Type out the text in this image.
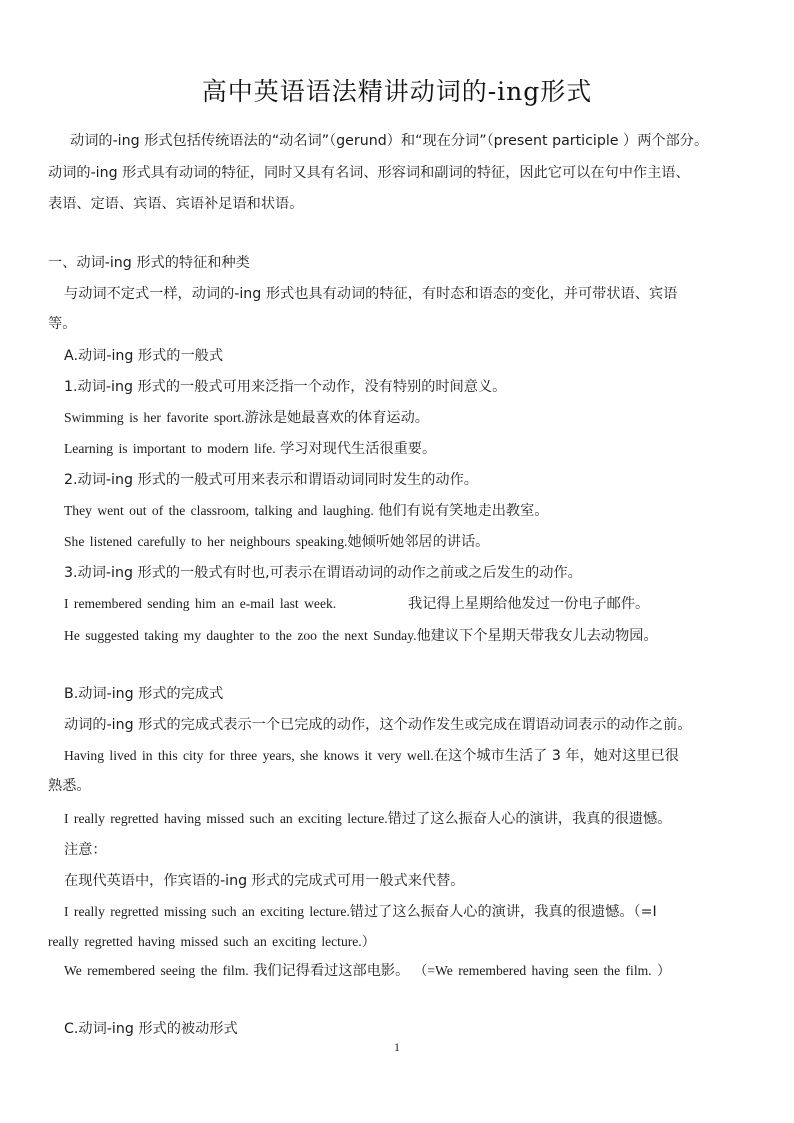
高中英语语法精讲动词的-ing形式
动词的-ing 形式包括传统语法的“动名词”（gerund）和“现在分词”（present participle ）两个部分。
动词的-ing 形式具有动词的特征，同时又具有名词、形容词和副词的特征，因此它可以在句中作主语、
表语、定语、宾语、宾语补足语和状语。
一、动词-ing 形式的特征和种类
与动词不定式一样，动词的-ing 形式也具有动词的特征，有时态和语态的变化，并可带状语、宾语
等。
A.动词-ing 形式的一般式
1.动词-ing 形式的一般式可用来泛指一个动作，没有特别的时间意义。
Swimming is her favorite sport.游泳是她最喜欢的体育运动。
Learning is important to modern life. 学习对现代生活很重要。
2.动词-ing 形式的一般式可用来表示和谓语动词同时发生的动作。
They went out of the classroom, talking and laughing. 他们有说有笑地走出教室。
She listened carefully to her neighbours speaking.她倾听她邻居的讲话。
3.动词-ing 形式的一般式有时也,可表示在谓语动词的动作之前或之后发生的动作。
I remembered sending him an e-mail last week.	我记得上星期给他发过一份电子邮件。
He suggested taking my daughter to the zoo the next Sunday.他建议下个星期天带我女儿去动物园。
B.动词-ing 形式的完成式
动词的-ing 形式的完成式表示一个已完成的动作，这个动作发生或完成在谓语动词表示的动作之前。
Having lived in this city for three years, she knows it very well.在这个城市生活了 3 年，她对这里已很
熟悉。
I really regretted having missed such an exciting lecture.错过了这么振奋人心的演讲，我真的很遗憾。
注意：
在现代英语中，作宾语的-ing 形式的完成式可用一般式来代替。
I really regretted missing such an exciting lecture.错过了这么振奋人心的演讲，我真的很遗憾。（=I
really regretted having missed such an exciting lecture.）
We remembered seeing the film. 我们记得看过这部电影。 （=We remembered having seen the film. ）
C.动词-ing 形式的被动形式
1
